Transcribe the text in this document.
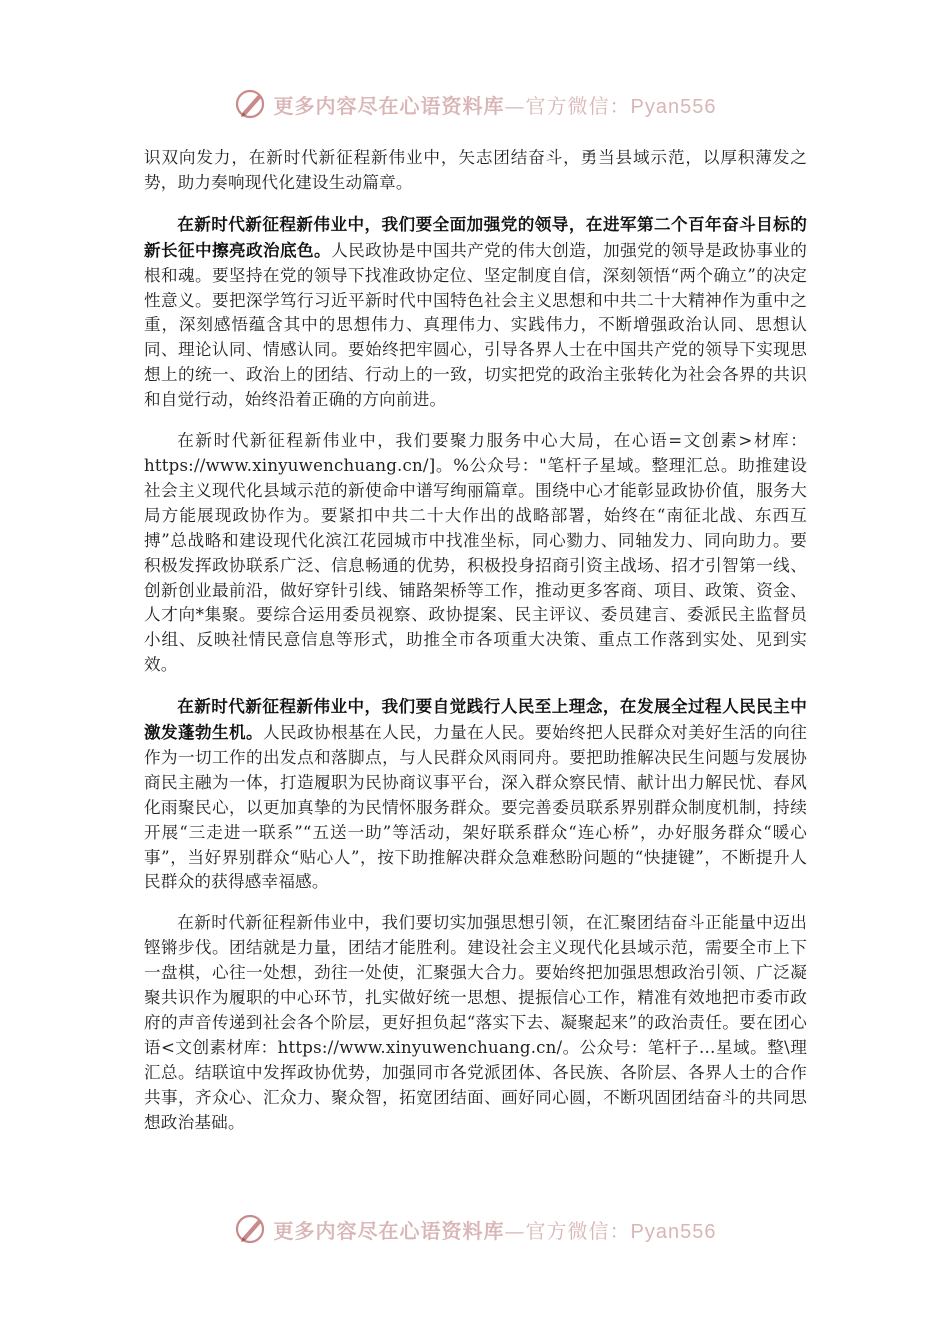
更多内容尽在心语资料库—官方微信：Pyan556

识双向发力，在新时代新征程新伟业中，矢志团结奋斗，勇当县域示范，以厚积薄发之势，助力奏响现代化建设生动篇章。

在新时代新征程新伟业中，我们要全面加强党的领导，在进军第二个百年奋斗目标的新长征中擦亮政治底色。人民政协是中国共产党的伟大创造，加强党的领导是政协事业的根和魂。要坚持在党的领导下找准政协定位、坚定制度自信，深刻领悟“两个确立”的决定性意义。要把深学笃行习近平新时代中国特色社会主义思想和中共二十大精神作为重中之重，深刻感悟蕴含其中的思想伟力、真理伟力、实践伟力，不断增强政治认同、思想认同、理论认同、情感认同。要始终把牢圆心，引导各界人士在中国共产党的领导下实现思想上的统一、政治上的团结、行动上的一致，切实把党的政治主张转化为社会各界的共识和自觉行动，始终沿着正确的方向前进。

在新时代新征程新伟业中，我们要聚力服务中心大局，在心语=文创素>材库：https://www.xinyuwenchuang.cn/]。%公众号："笔杆子星域。整理汇总。助推建设社会主义现代化县域示范的新使命中谱写绚丽篇章。围绕中心才能彰显政协价值，服务大局方能展现政协作为。要紧扣中共二十大作出的战略部署，始终在“南征北战、东西互搏”总战略和建设现代化滨江花园城市中找准坐标，同心勠力、同轴发力、同向助力。要积极发挥政协联系广泛、信息畅通的优势，积极投身招商引资主战场、招才引智第一线、创新创业最前沿，做好穿针引线、铺路架桥等工作，推动更多客商、项目、政策、资金、人才向*集聚。要综合运用委员视察、政协提案、民主评议、委员建言、委派民主监督员小组、反映社情民意信息等形式，助推全市各项重大决策、重点工作落到实处、见到实效。

在新时代新征程新伟业中，我们要自觉践行人民至上理念，在发展全过程人民民主中激发蓬勃生机。人民政协根基在人民，力量在人民。要始终把人民群众对美好生活的向往作为一切工作的出发点和落脚点，与人民群众风雨同舟。要把助推解决民生问题与发展协商民主融为一体，打造履职为民协商议事平台，深入群众察民情、献计出力解民忧、春风化雨聚民心，以更加真挚的为民情怀服务群众。要完善委员联系界别群众制度机制，持续开展“三走进一联系”“五送一助”等活动，架好联系群众“连心桥”，办好服务群众“暖心事”，当好界别群众“贴心人”，按下助推解决群众急难愁盼问题的“快捷键”，不断提升人民群众的获得感幸福感。

在新时代新征程新伟业中，我们要切实加强思想引领，在汇聚团结奋斗正能量中迈出铿锵步伐。团结就是力量，团结才能胜利。建设社会主义现代化县域示范，需要全市上下一盘棋，心往一处想，劲往一处使，汇聚强大合力。要始终把加强思想政治引领、广泛凝聚共识作为履职的中心环节，扎实做好统一思想、提振信心工作，精准有效地把市委市政府的声音传递到社会各个阶层，更好担负起“落实下去、凝聚起来”的政治责任。要在团心语<文创素材库：https://www.xinyuwenchuang.cn/。公众号：笔杆子…星域。整\理汇总。结联谊中发挥政协优势，加强同市各党派团体、各民族、各阶层、各界人士的合作共事，齐众心、汇众力、聚众智，拓宽团结面、画好同心圆，不断巩固团结奋斗的共同思想政治基础。

更多内容尽在心语资料库—官方微信：Pyan556
